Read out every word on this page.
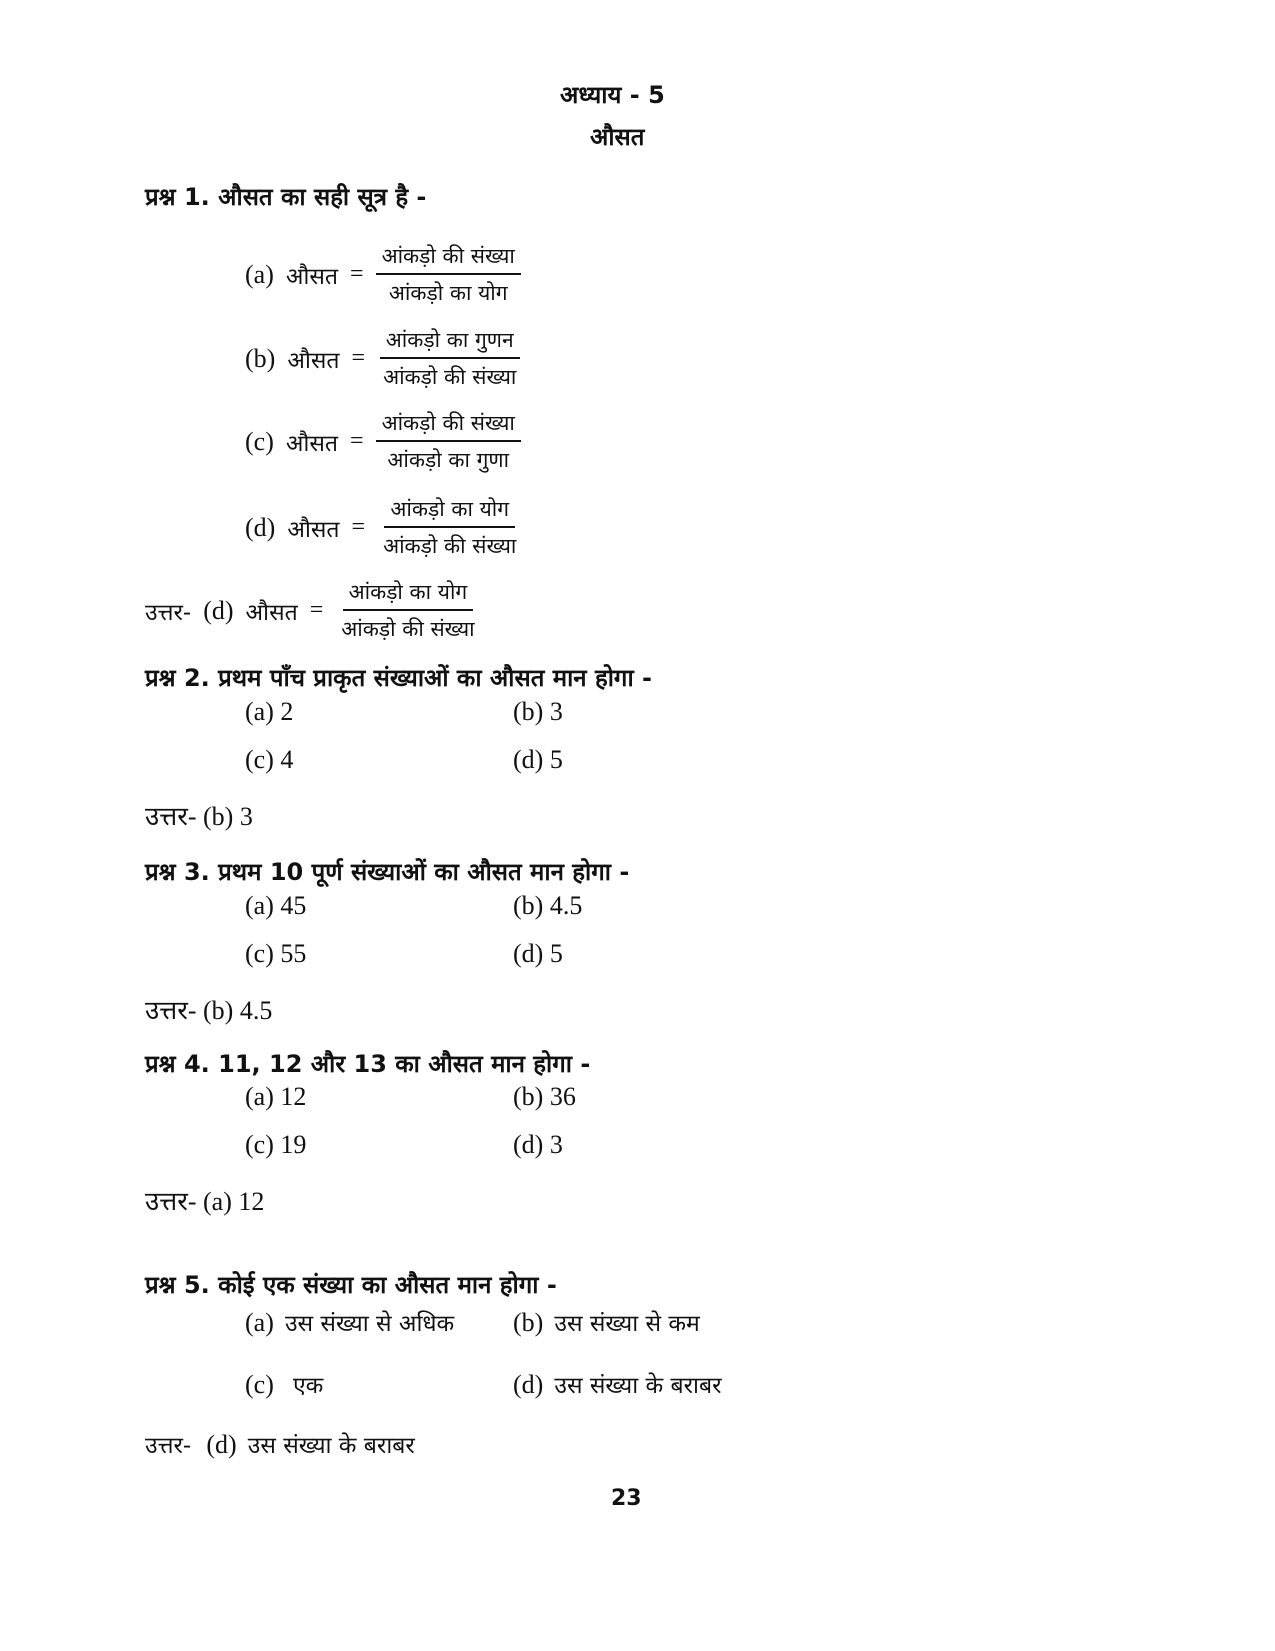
अध्याय - 5
औसत
प्रश्न 1. औसत का सही सूत्र है -
(a) औसत = $\frac{\text{आंकड़ो की संख्या}}{\text{आंकड़ो का योग}}$
(b) औसत = $\frac{\text{आंकड़ो का गुणन}}{\text{आंकड़ो की संख्या}}$
(c) औसत = $\frac{\text{आंकड़ो की संख्या}}{\text{आंकड़ो का गुणा}}$
(d) औसत = $\frac{\text{आंकड़ो का योग}}{\text{आंकड़ो की संख्या}}$
उत्तर- (d) औसत = $\frac{\text{आंकड़ो का योग}}{\text{आंकड़ो की संख्या}}$
प्रश्न 2. प्रथम पाँच प्राकृत संख्याओं का औसत मान होगा -
(a) 2	(b) 3
(c) 4	(d) 5
उत्तर- (b) 3
प्रश्न 3. प्रथम 10 पूर्ण संख्याओं का औसत मान होगा -
(a) 45	(b) 4.5
(c) 55	(d) 5
उत्तर- (b) 4.5
प्रश्न 4. 11, 12 और 13 का औसत मान होगा -
(a) 12	(b) 36
(c) 19	(d) 3
उत्तर- (a) 12
प्रश्न 5. कोई एक संख्या का औसत मान होगा -
(a) उस संख्या से अधिक (b) उस संख्या से कम
(c) एक	(d) उस संख्या के बराबर
उत्तर- (d) उस संख्या के बराबर
23
